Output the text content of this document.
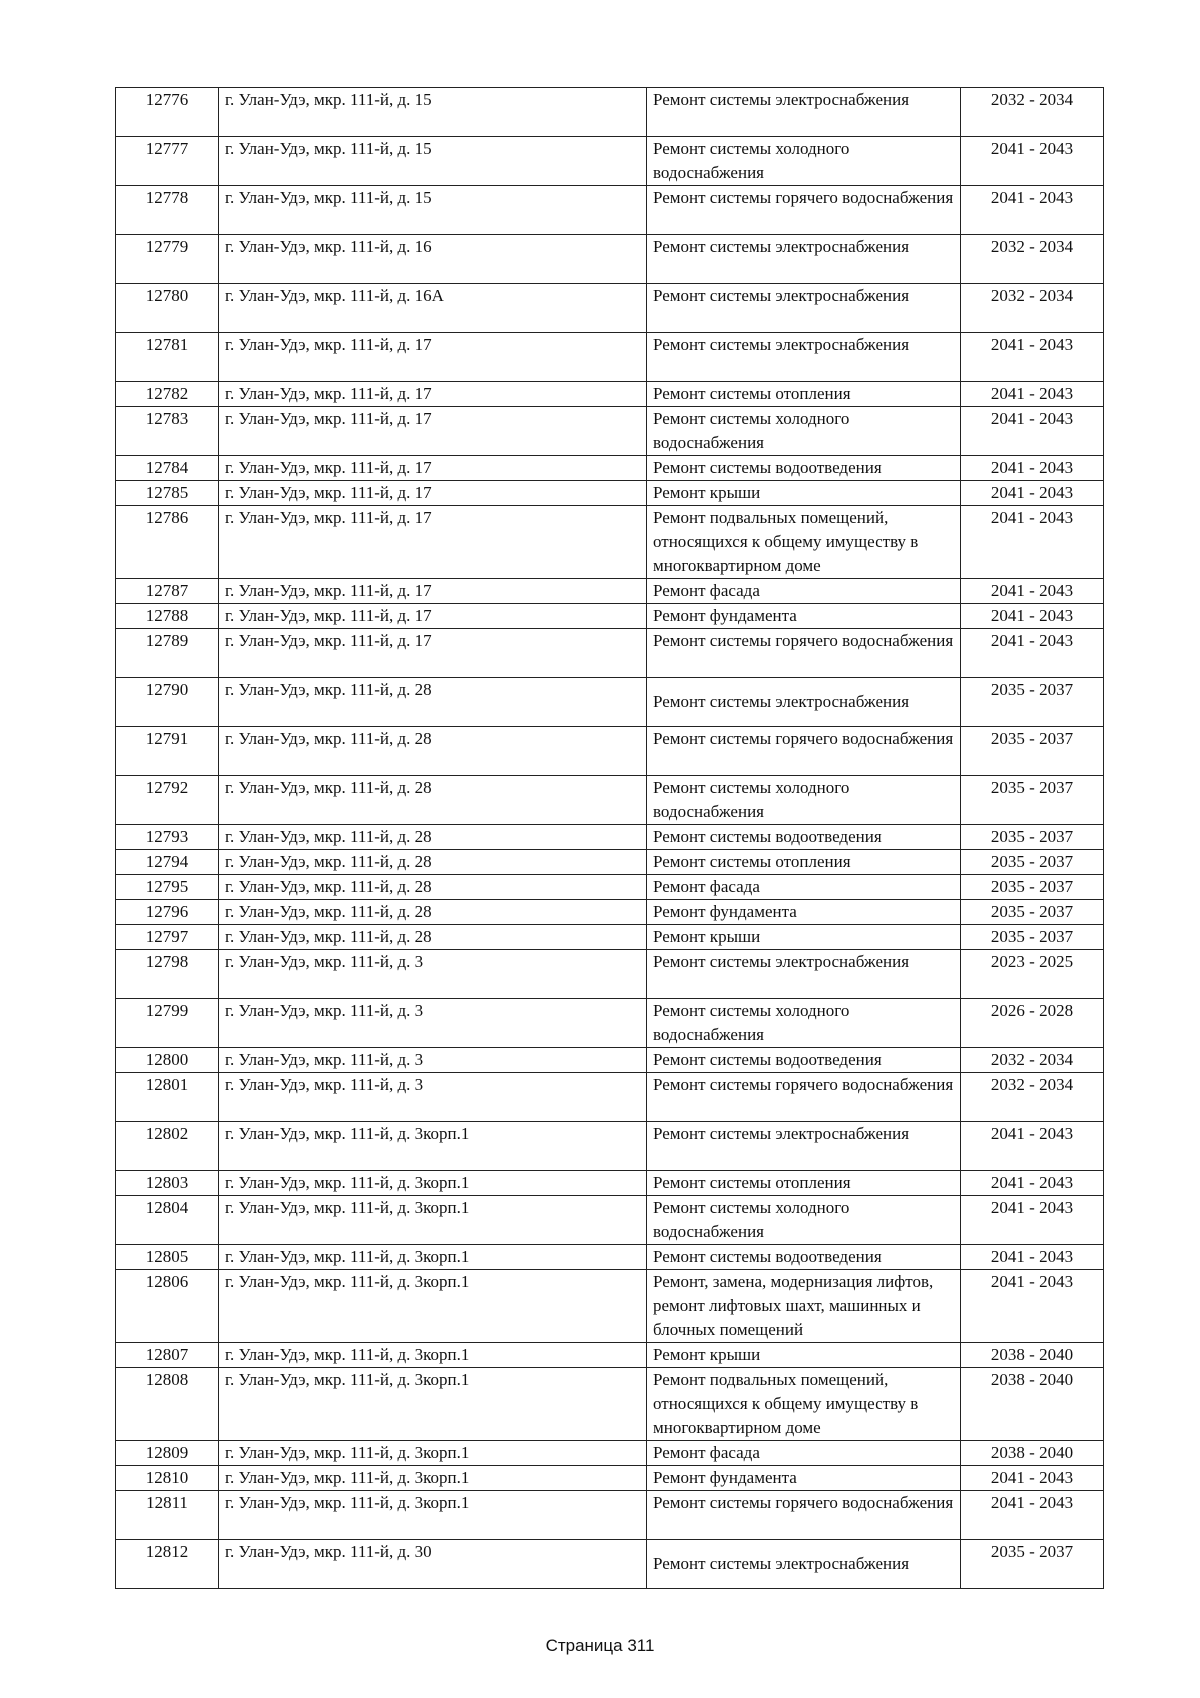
12776	г. Улан-Удэ, мкр. 111-й, д. 15	Ремонт системы электроснабжения	2032 - 2034
12777	г. Улан-Удэ, мкр. 111-й, д. 15	Ремонт системы холодного водоснабжения	2041 - 2043
12778	г. Улан-Удэ, мкр. 111-й, д. 15	Ремонт системы горячего водоснабжения	2041 - 2043
12779	г. Улан-Удэ, мкр. 111-й, д. 16	Ремонт системы электроснабжения	2032 - 2034
12780	г. Улан-Удэ, мкр. 111-й, д. 16А	Ремонт системы электроснабжения	2032 - 2034
12781	г. Улан-Удэ, мкр. 111-й, д. 17	Ремонт системы электроснабжения	2041 - 2043
12782	г. Улан-Удэ, мкр. 111-й, д. 17	Ремонт системы отопления	2041 - 2043
12783	г. Улан-Удэ, мкр. 111-й, д. 17	Ремонт системы холодного водоснабжения	2041 - 2043
12784	г. Улан-Удэ, мкр. 111-й, д. 17	Ремонт системы водоотведения	2041 - 2043
12785	г. Улан-Удэ, мкр. 111-й, д. 17	Ремонт крыши	2041 - 2043
12786	г. Улан-Удэ, мкр. 111-й, д. 17	Ремонт подвальных помещений, относящихся к общему имуществу в многоквартирном доме	2041 - 2043
12787	г. Улан-Удэ, мкр. 111-й, д. 17	Ремонт фасада	2041 - 2043
12788	г. Улан-Удэ, мкр. 111-й, д. 17	Ремонт фундамента	2041 - 2043
12789	г. Улан-Удэ, мкр. 111-й, д. 17	Ремонт системы горячего водоснабжения	2041 - 2043
12790	г. Улан-Удэ, мкр. 111-й, д. 28	Ремонт системы электроснабжения	2035 - 2037
12791	г. Улан-Удэ, мкр. 111-й, д. 28	Ремонт системы горячего водоснабжения	2035 - 2037
12792	г. Улан-Удэ, мкр. 111-й, д. 28	Ремонт системы холодного водоснабжения	2035 - 2037
12793	г. Улан-Удэ, мкр. 111-й, д. 28	Ремонт системы водоотведения	2035 - 2037
12794	г. Улан-Удэ, мкр. 111-й, д. 28	Ремонт системы отопления	2035 - 2037
12795	г. Улан-Удэ, мкр. 111-й, д. 28	Ремонт фасада	2035 - 2037
12796	г. Улан-Удэ, мкр. 111-й, д. 28	Ремонт фундамента	2035 - 2037
12797	г. Улан-Удэ, мкр. 111-й, д. 28	Ремонт крыши	2035 - 2037
12798	г. Улан-Удэ, мкр. 111-й, д. 3	Ремонт системы электроснабжения	2023 - 2025
12799	г. Улан-Удэ, мкр. 111-й, д. 3	Ремонт системы холодного водоснабжения	2026 - 2028
12800	г. Улан-Удэ, мкр. 111-й, д. 3	Ремонт системы водоотведения	2032 - 2034
12801	г. Улан-Удэ, мкр. 111-й, д. 3	Ремонт системы горячего водоснабжения	2032 - 2034
12802	г. Улан-Удэ, мкр. 111-й, д. 3корп.1	Ремонт системы электроснабжения	2041 - 2043
12803	г. Улан-Удэ, мкр. 111-й, д. 3корп.1	Ремонт системы отопления	2041 - 2043
12804	г. Улан-Удэ, мкр. 111-й, д. 3корп.1	Ремонт системы холодного водоснабжения	2041 - 2043
12805	г. Улан-Удэ, мкр. 111-й, д. 3корп.1	Ремонт системы водоотведения	2041 - 2043
12806	г. Улан-Удэ, мкр. 111-й, д. 3корп.1	Ремонт, замена, модернизация лифтов, ремонт лифтовых шахт, машинных и блочных помещений	2041 - 2043
12807	г. Улан-Удэ, мкр. 111-й, д. 3корп.1	Ремонт крыши	2038 - 2040
12808	г. Улан-Удэ, мкр. 111-й, д. 3корп.1	Ремонт подвальных помещений, относящихся к общему имуществу в многоквартирном доме	2038 - 2040
12809	г. Улан-Удэ, мкр. 111-й, д. 3корп.1	Ремонт фасада	2038 - 2040
12810	г. Улан-Удэ, мкр. 111-й, д. 3корп.1	Ремонт фундамента	2041 - 2043
12811	г. Улан-Удэ, мкр. 111-й, д. 3корп.1	Ремонт системы горячего водоснабжения	2041 - 2043
12812	г. Улан-Удэ, мкр. 111-й, д. 30	Ремонт системы электроснабжения	2035 - 2037
Страница 311
